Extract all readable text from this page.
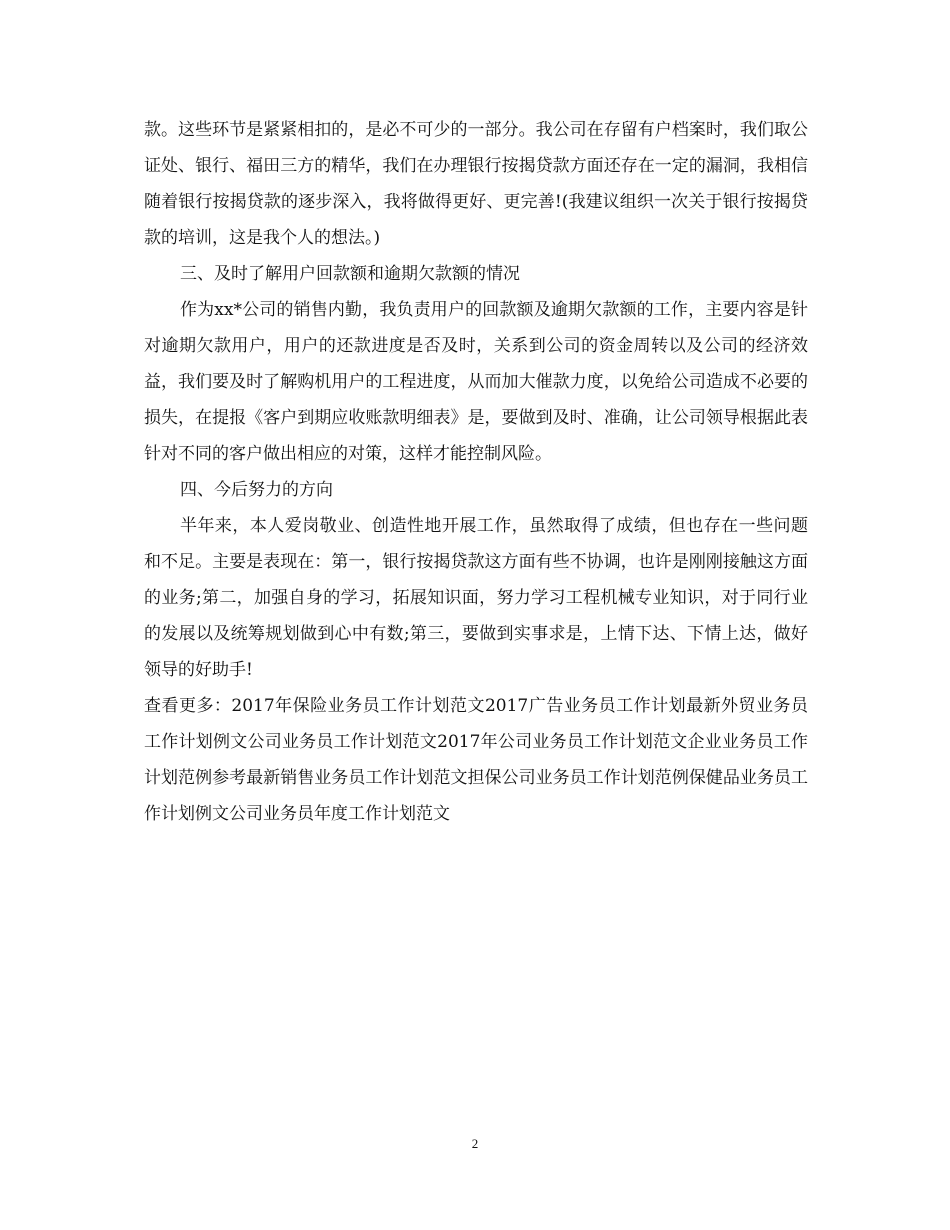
款。这些环节是紧紧相扣的，是必不可少的一部分。我公司在存留有户档案时，我们取公证处、银行、福田三方的精华，我们在办理银行按揭贷款方面还存在一定的漏洞，我相信随着银行按揭贷款的逐步深入，我将做得更好、更完善!(我建议组织一次关于银行按揭贷款的培训，这是我个人的想法。)

三、及时了解用户回款额和逾期欠款额的情况

作为xx*公司的销售内勤，我负责用户的回款额及逾期欠款额的工作，主要内容是针对逾期欠款用户，用户的还款进度是否及时，关系到公司的资金周转以及公司的经济效益，我们要及时了解购机用户的工程进度，从而加大催款力度，以免给公司造成不必要的损失，在提报《客户到期应收账款明细表》是，要做到及时、准确，让公司领导根据此表针对不同的客户做出相应的对策，这样才能控制风险。

四、今后努力的方向

半年来，本人爱岗敬业、创造性地开展工作，虽然取得了成绩，但也存在一些问题和不足。主要是表现在：第一，银行按揭贷款这方面有些不协调，也许是刚刚接触这方面的业务;第二，加强自身的学习，拓展知识面，努力学习工程机械专业知识，对于同行业的发展以及统筹规划做到心中有数;第三，要做到实事求是，上情下达、下情上达，做好领导的好助手!

查看更多：2017年保险业务员工作计划范文2017广告业务员工作计划最新外贸业务员工作计划例文公司业务员工作计划范文2017年公司业务员工作计划范文企业业务员工作计划范例参考最新销售业务员工作计划范文担保公司业务员工作计划范例保健品业务员工作计划例文公司业务员年度工作计划范文

2
